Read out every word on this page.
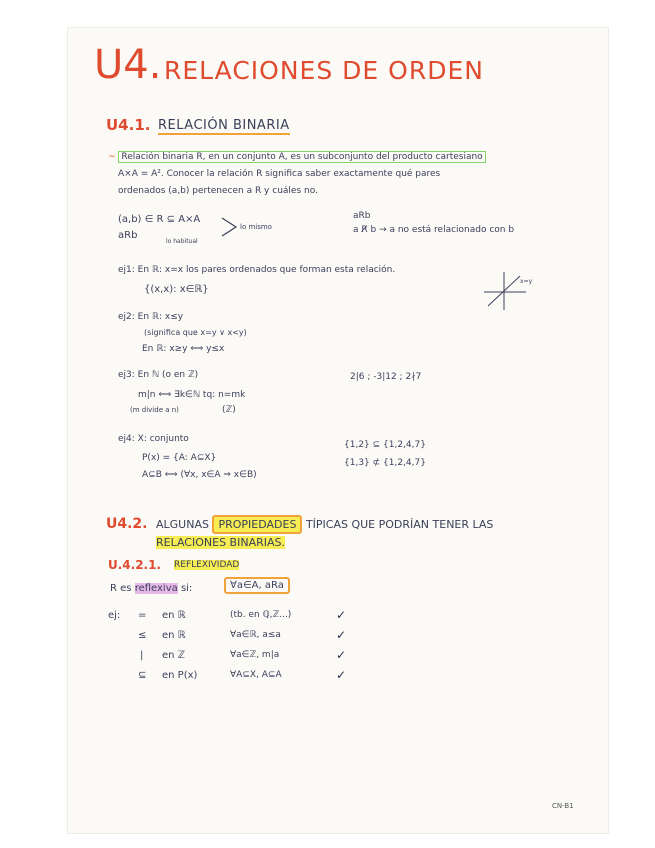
U4. RELACIONES DE ORDEN
U4.1. RELACIÓN BINARIA
~ Relación binaria R, en un conjunto A, es un subconjunto del producto cartesiano
A×A = A². Conocer la relación R significa saber exactamente qué pares
ordenados (a,b) pertenecen a R y cuáles no.
(a,b) ∈ R ⊆ A×A
aRb
lo habitual
lo mismo
aRb
a R̸ b → a no está relacionado con b
ej1: En ℝ: x=x los pares ordenados que forman esta relación.
{(x,x): x∈ℝ}
x=y
ej2: En ℝ: x≤y
(significa que x=y ∨ x<y)
En ℝ: x≥y ⟺ y≤x
ej3: En ℕ (o en ℤ)
m|n ⟺ ∃k∈ℕ tq: n=mk
(m divide a n)	(ℤ)
2|6 ; -3|12 ; 2∤7
ej4: X: conjunto
P(x) = {A: A⊆X}
A⊆B ⟺ (∀x, x∈A ⇒ x∈B)
{1,2} ⊆ {1,2,4,7}
{1,3} ⊄ {1,2,4,7}
U4.2. ALGUNAS PROPIEDADES TÍPICAS QUE PODRÍAN TENER LAS
RELACIONES BINARIAS.
U.4.2.1. REFLEXIVIDAD
R es reflexiva si:	∀a∈A, aRa
ej: = en ℝ	(tb. en ℚ,ℤ...)	✓
≤ en ℝ	∀a∈ℝ, a≤a	✓
| en ℤ	∀a∈ℤ, m|a	✓
⊆ en P(x)	∀A⊆X, A⊆A	✓
CN-B1
